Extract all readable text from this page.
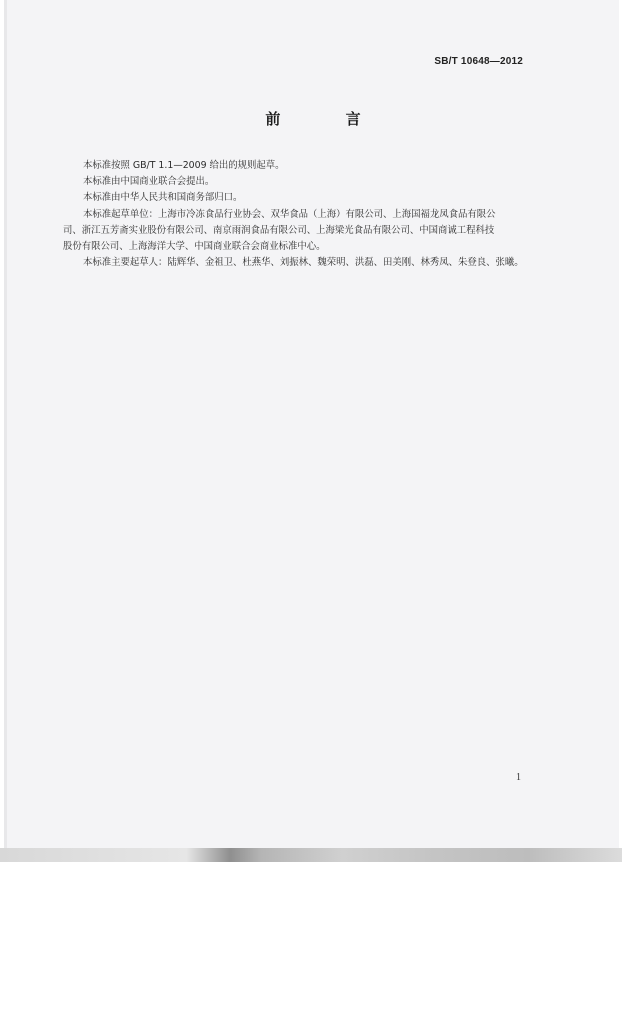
SB/T 10648—2012
前 言

本标准按照 GB/T 1.1—2009 给出的规则起草。

本标准由中国商业联合会提出。

本标准由中华人民共和国商务部归口。

本标准起草单位：上海市冷冻食品行业协会、双华食品（上海）有限公司、上海国福龙凤食品有限公

司、浙江五芳斋实业股份有限公司、南京雨润食品有限公司、上海梁光食品有限公司、中国商诚工程科技

股份有限公司、上海海洋大学、中国商业联合会商业标准中心。

本标准主要起草人：陆辉华、金祖卫、杜燕华、刘振林、魏荣明、洪磊、田美刚、林秀凤、朱登良、张曦。

1
